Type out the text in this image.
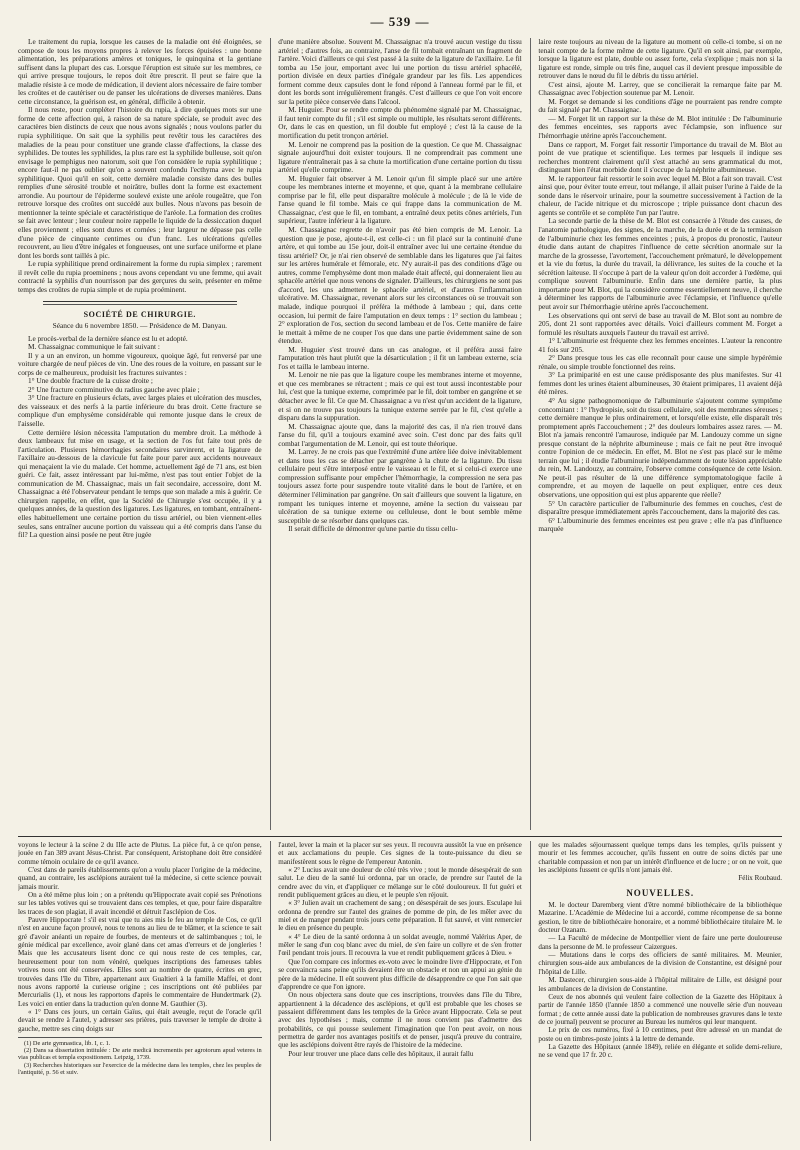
— 539 —

Le traitement du rupia, lorsque les causes de la maladie ont été éloignées, se compose de tous les moyens propres à relever les forces épuisées : une bonne alimentation, les préparations amères et toniques, le quinquina et la gentiane suffisent dans la plupart des cas. Lorsque l'éruption est située sur les membres, ce qui arrive presque toujours, le repos doit être prescrit. Il peut se faire que la maladie résiste à ce mode de médication, il devient alors nécessaire de faire tomber les croûtes et de cautériser ou de panser les ulcérations de diverses manières. Dans cette circonstance, la guérison est, en général, difficile à obtenir.

Il nous reste, pour compléter l'histoire du rupia, à dire quelques mots sur une forme de cette affection qui, à raison de sa nature spéciale, se produit avec des caractères bien distincts de ceux que nous avons signalés ; nous voulons parler du rupia syphilitique. On sait que la syphilis peut revêtir tous les caractères des maladies de la peau pour constituer une grande classe d'affections, la classe des syphilides. De toutes les syphilides, la plus rare est la syphilide bulleuse, soit qu'on envisage le pemphigus neo natorum, soit que l'on considère le rupia syphilitique ; encore faut-il ne pas oublier qu'on a souvent confondu l'ecthyma avec le rupia syphilitique. Quoi qu'il en soit, cette dernière maladie consiste dans des bulles remplies d'une sérosité trouble et noirâtre, bulles dont la forme est exactement arrondie. Au pourtour de l'épiderme soulevé existe une aréole rougeâtre, que l'on retrouve lorsque des croûtes ont succédé aux bulles. Nous n'avons pas besoin de mentionner la teinte spéciale et caractéristique de l'aréole. La formation des croûtes se fait avec lenteur ; leur couleur noire rappelle le liquide de la dessiccation duquel elles proviennent ; elles sont dures et cornées ; leur largeur ne dépasse pas celle d'une pièce de cinquante centimes ou d'un franc. Les ulcérations qu'elles recouvrent, au lieu d'être inégales et fongueuses, ont une surface uniforme et plane dont les bords sont taillés à pic.

Le rupia syphilitique prend ordinairement la forme du rupia simplex ; rarement il revêt celle du rupia proeminens ; nous avons cependant vu une femme, qui avait contracté la syphilis d'un nourrisson par des gerçures du sein, présenter en même temps des croûtes de rupia simple et de rupia proéminent.

SOCIÉTÉ DE CHIRURGIE.
Séance du 6 novembre 1850. — Présidence de M. Danyau.

Le procès-verbal de la dernière séance est lu et adopté.

M. Chassaignac communique le fait suivant :

Il y a un an environ, un homme vigoureux, quoique âgé, fut renversé par une voiture chargée de neuf pièces de vin. Une des roues de la voiture, en passant sur le corps de ce malheureux, produisit les fractures suivantes :

1° Une double fracture de la cuisse droite ;

2° Une fracture comminutive du radius gauche avec plaie ;

3° Une fracture en plusieurs éclats, avec larges plaies et ulcération des muscles, des vaisseaux et des nerfs à la partie inférieure du bras droit. Cette fracture se complique d'un emphysème considérable qui remonte jusque dans le creux de l'aisselle.

Cette dernière lésion nécessita l'amputation du membre droit. La méthode à deux lambeaux fut mise en usage, et la section de l'os fut faite tout près de l'articulation. Plusieurs hémorrhagies secondaires survinrent, et la ligature de l'axillaire au-dessous de la clavicule fut faite pour parer aux accidents nouveaux qui menaçaient la vie du malade. Cet homme, actuellement âgé de 71 ans, est bien guéri. Ce fait, assez intéressant par lui-même, n'est pas tout entier l'objet de la communication de M. Chassaignac, mais un fait secondaire, accessoire, dont M. Chassaignac a été l'observateur pendant le temps que son malade a mis à guérir. Ce chirurgien rappelle, en effet, que la Société de Chirurgie s'est occupée, il y a quelques années, de la question des ligatures. Les ligatures, en tombant, entraînent-elles habituellement une certaine portion du tissu artériel, ou bien viennent-elles seules, sans entraîner aucune portion du vaisseau qui a été compris dans l'anse du fil? La question ainsi posée ne peut être jugée

d'une manière absolue. Souvent M. Chassaignac n'a trouvé aucun vestige du tissu artériel ; d'autres fois, au contraire, l'anse de fil tombait entraînant un fragment de l'artère. Voici d'ailleurs ce qui s'est passé à la suite de la ligature de l'axillaire. Le fil tomba au 15e jour, emportant avec lui une portion du tissu artériel sphacélé, portion divisée en deux parties d'inégale grandeur par les fils. Les appendices forment comme deux capsules dont le fond répond à l'anneau formé par le fil, et dont les bords sont irrégulièrement frangés. C'est d'ailleurs ce que l'on voit encore sur la petite pièce conservée dans l'alcool.

M. Huguier. Pour se rendre compte du phénomène signalé par M. Chassaignac, il faut tenir compte du fil ; s'il est simple ou multiple, les résultats seront différents. Or, dans le cas en question, un fil double fut employé ; c'est là la cause de la mortification du petit tronçon artériel.

M. Lenoir ne comprend pas la position de la question. Ce que M. Chassaignac signale aujourd'hui doit exister toujours. Il ne comprendrait pas comment une ligature n'entraînerait pas à sa chute la mortification d'une certaine portion du tissu artériel qu'elle comprime.

M. Huguier fait observer à M. Lenoir qu'un fil simple placé sur une artère coupe les membranes interne et moyenne, et que, quant à la membrane cellulaire comprise par le fil, elle peut disparaître molécule à molécule ; de là le vide de l'anse quand le fil tombe. Mais ce qui frappe dans la communication de M. Chassaignac, c'est que le fil, en tombant, a entraîné deux petits cônes artériels, l'un supérieur, l'autre inférieur à la ligature.

M. Chassaignac regrette de n'avoir pas été bien compris de M. Lenoir. La question que je pose, ajoute-t-il, est celle-ci : un fil placé sur la continuité d'une artère, et qui tombe au 15e jour, doit-il entraîner avec lui une certaine étendue du tissu artériel? Or, je n'ai rien observé de semblable dans les ligatures que j'ai faites sur les artères humérale et fémorale, etc. N'y aurait-il pas des conditions d'âge ou autres, comme l'emphysème dont mon malade était affecté, qui donneraient lieu au sphacèle artériel que nous venons de signaler. D'ailleurs, les chirurgiens ne sont pas d'accord, les uns admettent le sphacèle artériel, et d'autres l'inflammation ulcérative. M. Chassaignac, revenant alors sur les circonstances où se trouvait son malade, indique pourquoi il préféra la méthode à lambeau ; qui, dans cette occasion, lui permit de faire l'amputation en deux temps : 1° section du lambeau ; 2° exploration de l'os, section du second lambeau et de l'os. Cette manière de faire le mettait à même de ne couper l'os que dans une partie évidemment saine de son étendue.

M. Huguier s'est trouvé dans un cas analogue, et il préféra aussi faire l'amputation très haut plutôt que la désarticulation ; il fit un lambeau externe, scia l'os et tailla le lambeau interne.

M. Lenoir ne nie pas que la ligature coupe les membranes interne et moyenne, et que ces membranes se rétractent ; mais ce qui est tout aussi incontestable pour lui, c'est que la tunique externe, comprimée par le fil, doit tomber en gangrène et se détacher avec le fil. Ce que M. Chassaignac a vu n'est qu'un accident de la ligature, et si on ne trouve pas toujours la tunique externe serrée par le fil, c'est qu'elle a disparu dans la suppuration.

M. Chassaignac ajoute que, dans la majorité des cas, il n'a rien trouvé dans l'anse du fil, qu'il a toujours examiné avec soin. C'est donc par des faits qu'il combat l'argumentation de M. Lenoir, qui est toute théorique.

M. Larrey. Je ne crois pas que l'extrémité d'une artère liée doive inévitablement et dans tous les cas se détacher par gangrène à la chute de la ligature. Du tissu cellulaire peut s'être interposé entre le vaisseau et le fil, et si celui-ci exerce une compression suffisante pour empêcher l'hémorrhagie, la compression ne sera pas toujours assez forte pour suspendre toute vitalité dans le bout de l'artère, et en déterminer l'élimination par gangrène. On sait d'ailleurs que souvent la ligature, en rompant les tuniques interne et moyenne, amène la section du vaisseau par ulcération de sa tunique externe ou celluleuse, dont le bout semble même susceptible de se résorber dans quelques cas.

Il serait difficile de démontrer qu'une partie du tissu cellu-

laire reste toujours au niveau de la ligature au moment où celle-ci tombe, si on ne tenait compte de la forme même de cette ligature. Qu'il en soit ainsi, par exemple, lorsque la ligature est plate, double ou assez forte, cela s'explique ; mais non si la ligature est ronde, simple ou très fine, auquel cas il devient presque impossible de retrouver dans le nœud du fil le débris du tissu artériel.

C'est ainsi, ajoute M. Larrey, que se concilierait la remarque faite par M. Chassaignac avec l'objection soutenue par M. Lenoir.

M. Forget se demande si les conditions d'âge ne pourraient pas rendre compte du fait signalé par M. Chassaignac.

— M. Forget lit un rapport sur la thèse de M. Blot intitulée : De l'albuminurie des femmes enceintes, ses rapports avec l'éclampsie, son influence sur l'hémorrhagie utérine après l'accouchement.

Dans ce rapport, M. Forget fait ressortir l'importance du travail de M. Blot au point de vue pratique et scientifique. Les termes par lesquels il indique ses recherches montrent clairement qu'il s'est attaché au sens grammatical du mot, distinguant bien l'état morbide dont il s'occupe de la néphrite albumineuse.

M. le rapporteur fait ressortir le soin avec lequel M. Blot a fait son travail. C'est ainsi que, pour éviter toute erreur, tout mélange, il allait puiser l'urine à l'aide de la sonde dans le réservoir urinaire, pour la soumettre successivement à l'action de la chaleur, de l'acide nitrique et du microscope ; triple puissance dont chacun des agents se contrôle et se complète l'un par l'autre.

La seconde partie de la thèse de M. Blot est consacrée à l'étude des causes, de l'anatomie pathologique, des signes, de la marche, de la durée et de la terminaison de l'albuminurie chez les femmes enceintes ; puis, à propos du pronostic, l'auteur étudie dans autant de chapitres l'influence de cette sécrétion anormale sur la marche de la grossesse, l'avortement, l'accouchement prématuré, le développement et la vie du fœtus, la durée du travail, la délivrance, les suites de la couche et la sécrétion laiteuse. Il s'occupe à part de la valeur qu'on doit accorder à l'œdème, qui complique souvent l'albuminurie. Enfin dans une dernière partie, la plus importante pour M. Blot, qui la considère comme essentiellement neuve, il cherche à déterminer les rapports de l'albuminurie avec l'éclampsie, et l'influence qu'elle peut avoir sur l'hémorrhagie utérine après l'accouchement.

Les observations qui ont servi de base au travail de M. Blot sont au nombre de 205, dont 21 sont rapportées avec détails. Voici d'ailleurs comment M. Forget a formulé les résultats auxquels l'auteur du travail est arrivé.

1° L'albuminurie est fréquente chez les femmes enceintes. L'auteur la rencontre 41 fois sur 205.

2° Dans presque tous les cas elle reconnaît pour cause une simple hypérémie rénale, ou simple trouble fonctionnel des reins.

3° La primiparité en est une cause prédisposante des plus manifestes. Sur 41 femmes dont les urines étaient albumineuses, 30 étaient primipares, 11 avaient déjà été mères.

4° Au signe pathognomonique de l'albuminurie s'ajoutent comme symptôme concomitant : 1° l'hydropisie, soit du tissu cellulaire, soit des membranes séreuses ; cette dernière manque le plus ordinairement, et lorsqu'elle existe, elle disparaît très promptement après l'accouchement ; 2° des douleurs lombaires assez rares. — M. Blot n'a jamais rencontré l'amaurose, indiquée par M. Landouzy comme un signe presque constant de la néphrite albumineuse ; mais ce fait ne peut être invoqué contre l'opinion de ce médecin. En effet, M. Blot ne s'est pas placé sur le même terrain que lui ; il étudie l'albuminurie indépendamment de toute lésion appréciable du rein, M. Landouzy, au contraire, l'observe comme conséquence de cette lésion. Ne peut-il pas résulter de là une différence symptomatologique facile à comprendre, et au moyen de laquelle on peut expliquer, entre ces deux observations, une opposition qui est plus apparente que réelle?

5° Un caractère particulier de l'albuminurie des femmes en couches, c'est de disparaître presque immédiatement après l'accouchement, dans la majorité des cas.

6° L'albuminurie des femmes enceintes est peu grave ; elle n'a pas d'influence marquée

voyons le lecteur à la scène 2 du IIIe acte de Plutus. La pièce fut, à ce qu'on pense, jouée en l'an 389 avant Jésus-Christ. Par conséquent, Aristophane doit être considéré comme témoin oculaire de ce qu'il avance.

C'est dans de pareils établissements qu'on a voulu placer l'origine de la médecine, quand, au contraire, les asclépions auraient tué la médecine, si cette science pouvait jamais mourir.

On a été même plus loin ; on a prétendu qu'Hippocrate avait copié ses Prénotions sur les tables votives qui se trouvaient dans ces temples, et que, pour faire disparaître les traces de son plagiat, il avait incendié et détruit l'asclépion de Cos.

Pauvre Hippocrate ! s'il est vrai que tu aies mis le feu au temple de Cos, ce qu'il n'est en aucune façon prouvé, nous te tenons au lieu de te blâmer, et la science te sait gré d'avoir anéanti un repaire de fourbes, de menteurs et de saltimbanques ; toi, le génie médical par excellence, avoir glané dans cet amas d'erreurs et de jongleries ! Mais que les accusateurs lisent donc ce qui nous reste de ces temples, car, heureusement pour ton nom vénéré, quelques inscriptions des fameuses tables votives nous ont été conservées. Elles sont au nombre de quatre, écrites en grec, trouvées dans l'île du Tibre, appartenant aux Gualtieri à la famille Maffei, et dont nous avons rapporté la curieuse origine ; ces inscriptions ont été publiées par Mercurialis (1), et nous les rapportons d'après le commentaire de Hundertmark (2). Les voici en entier dans la traduction qu'en donne M. Gauthier (3).

« 1° Dans ces jours, un certain Gaïus, qui était aveugle, reçut de l'oracle qu'il devait se rendre à l'autel, y adresser ses prières, puis traverser le temple de droite à gauche, mettre ses cinq doigts sur

(1) De arte gymnastica, lib. I, c. 1.

(2) Dans sa dissertation intitulée : De arte medicā incrementis per agrotorum apud veteres in vias publicas et templa expositionem. Leipzig, 1739.

(3) Recherches historiques sur l'exercice de la médecine dans les temples, chez les peuples de l'antiquité, p. 56 et suiv.

l'autel, lever la main et la placer sur ses yeux. Il recouvra aussitôt la vue en présence et aux acclamations du peuple. Ces signes de la toute-puissance du dieu se manifestèrent sous le règne de l'empereur Antonin.

« 2° Lucius avait une douleur de côté très vive ; tout le monde désespérait de son salut. Le dieu de la santé lui ordonna, par un oracle, de prendre sur l'autel de la cendre avec du vin, et d'appliquer ce mélange sur le côté douloureux. Il fut guéri et rendit publiquement grâces au dieu, et le peuple s'en réjouit.

« 3° Julien avait un crachement de sang ; on désespérait de ses jours. Esculape lui ordonna de prendre sur l'autel des graines de pomme de pin, de les mêler avec du miel et de manger pendant trois jours cette préparation. Il fut sauvé, et vint remercier le dieu en présence du peuple.

« 4° Le dieu de la santé ordonna à un soldat aveugle, nommé Valérius Aper, de mêler le sang d'un coq blanc avec du miel, de s'en faire un collyre et de s'en frotter l'œil pendant trois jours. Il recouvra la vue et rendit publiquement grâces à Dieu. »

Que l'on compare ces informes ex-voto avec le moindre livre d'Hippocrate, et l'on se convaincra sans peine qu'ils devaient être un obstacle et non un appui au génie du père de la médecine. Il eût souvent plus difficile de désapprendre ce que l'on sait que d'apprendre ce que l'on ignore.

On nous objectera sans doute que ces inscriptions, trouvées dans l'île du Tibre, appartiennent à la décadence des asclépions, et qu'il est probable que les choses se passaient différemment dans les temples de la Grèce avant Hippocrate. Cela se peut avec des hypothèses ; mais, comme il ne nous convient pas d'admettre des probabilités, ce qui pousse seulement l'imagination que l'on peut avoir, on nous permettra de garder nos avantages positifs et de penser, jusqu'à preuve du contraire, que les asclépions doivent être rayés de l'histoire de la médecine.

Pour leur trouver une place dans celle des hôpitaux, il aurait fallu

que les malades séjournassent quelque temps dans les temples, qu'ils puissent y mourir et les femmes accoucher, qu'ils fussent en outre de soins dictés par une charitable compassion et non par un intérêt d'influence et de lucre ; or on ne voit, que les asclépions fussent ce qu'ils n'ont jamais été.

Félix Roubaud.

NOUVELLES.

M. le docteur Daremberg vient d'être nommé bibliothécaire de la bibliothèque Mazarine. L'Académie de Médecine lui a accordé, comme récompense de sa bonne gestion, le titre de bibliothécaire honoraire, et a nommé bibliothécaire titulaire M. le docteur Ozanam.

— La Faculté de médecine de Montpellier vient de faire une perte douloureuse dans la personne de M. le professeur Caizergues.

— Mutations dans le corps des officiers de santé militaires. M. Meunier, chirurgien sous-aide aux ambulances de la division de Constantine, est désigné pour l'hôpital de Lille.

M. Dastecer, chirurgien sous-aide à l'hôpital militaire de Lille, est désigné pour les ambulances de la division de Constantine.

Ceux de nos abonnés qui veulent faire collection de la Gazette des Hôpitaux à partir de l'année 1850 (l'année 1850 a commencé une nouvelle série d'un nouveau format ; de cette année aussi date la publication de nombreuses gravures dans le texte de ce journal) peuvent se procurer au Bureau les numéros qui leur manquent.

Le prix de ces numéros, fixé à 10 centimes, peut être adressé en un mandat de poste ou en timbres-poste joints à la lettre de demande.

La Gazette des Hôpitaux (année 1849), reliée en élégante et solide demi-reliure, ne se vend que 17 fr. 20 c.
